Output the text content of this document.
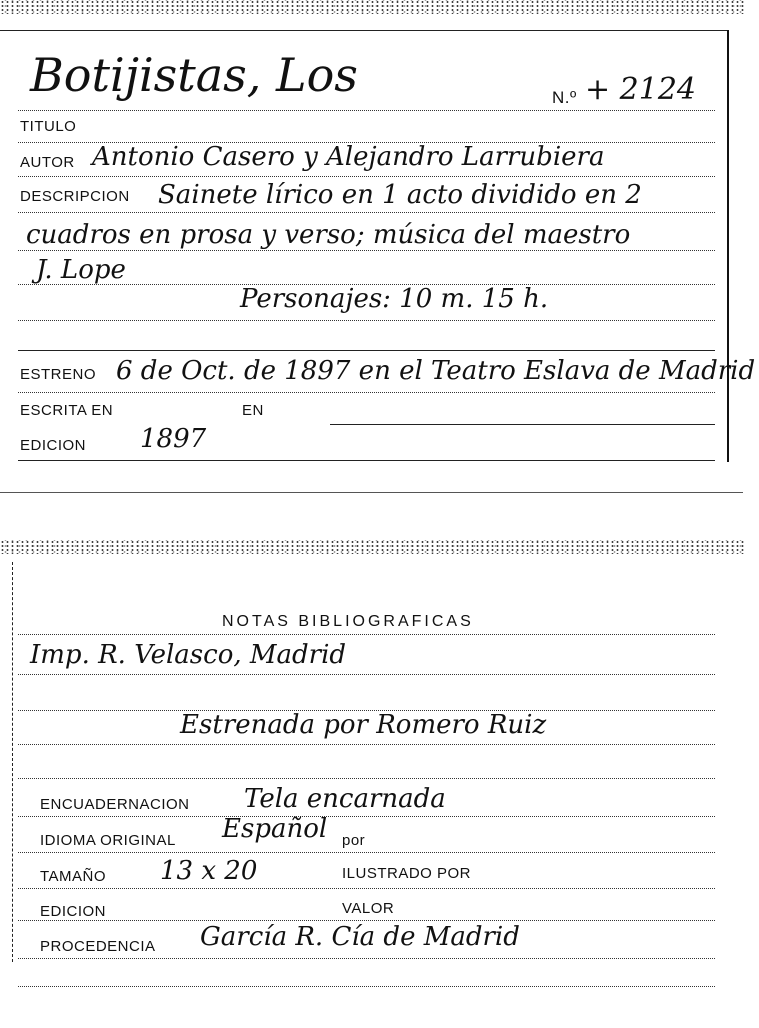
Botijistas, Los	N.º + 2124
TITULO
AUTOR Antonio Casero y Alejandro Larrubiera
DESCRIPCION Sainete lírico en 1 acto dividido en 2
cuadros en prosa y verso; música del maestro
J. Lope
Personajes: 10 m. 15 h.
ESTRENO 6 de Oct. de 1897 en el Teatro Eslava de Madrid
ESCRITA EN	EN
EDICION 1897
NOTAS BIBLIOGRAFICAS
Imp. R. Velasco, Madrid
Estrenada por Romero Ruiz
ENCUADERNACION Tela encarnada
IDIOMA ORIGINAL Español por
TAMAÑO 13 x 20	ILUSTRADO POR
EDICION	VALOR
PROCEDENCIA García R. Cía de Madrid
